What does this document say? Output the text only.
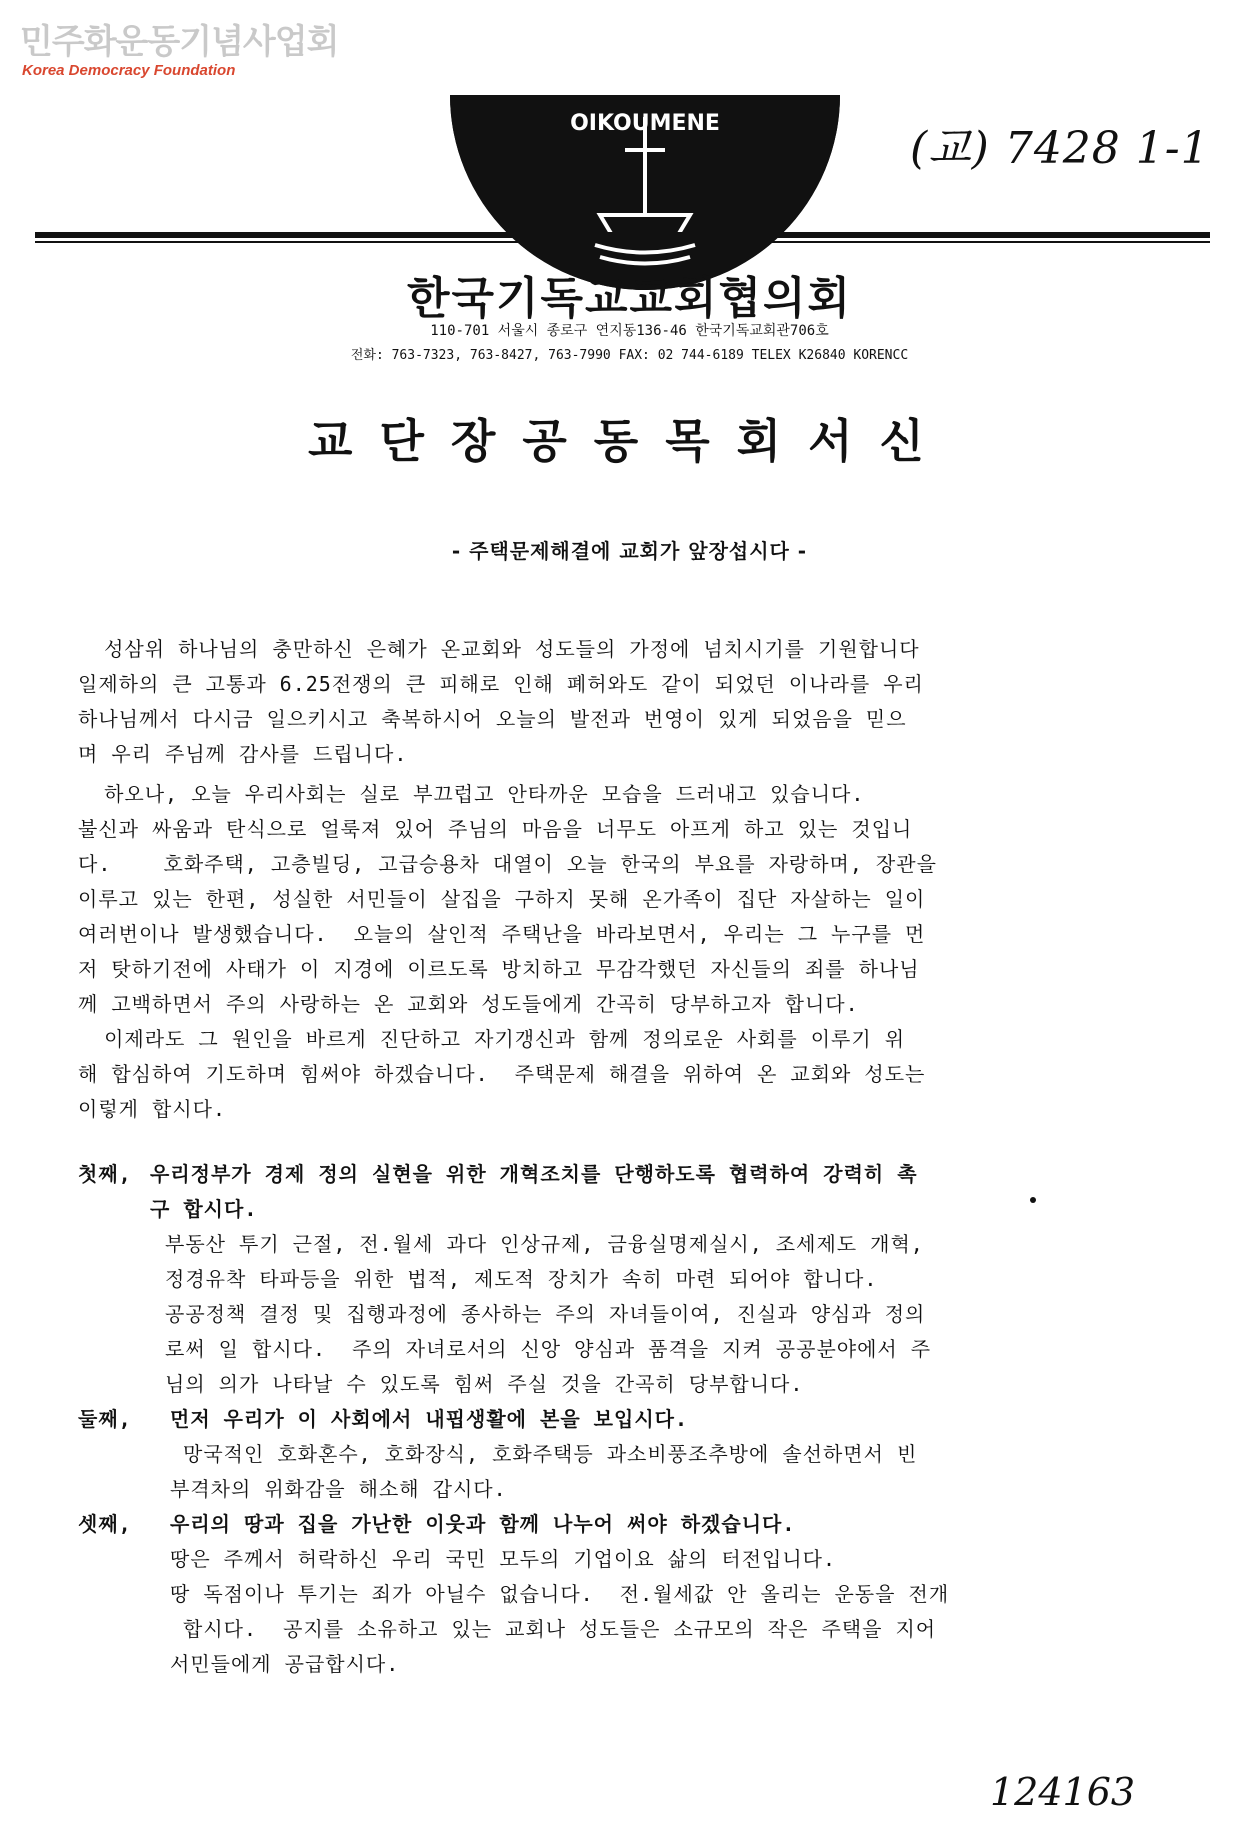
민주화운동기념사업회
Korea Democracy Foundation
OIKOUMENE	(교) 7428 1-1
한국기독교교회협의회
110-701 서울시 종로구 연지동136-46 한국기독교회관706호
전화: 763-7323, 763-8427, 763-7990 FAX: 02 744-6189 TELEX K26840 KORENCC
교단장공동목회서신
- 주택문제해결에 교회가 앞장섭시다 -
성삼위 하나님의 충만하신 은혜가 온교회와 성도들의 가정에 넘치시기를 기원합니다
일제하의 큰 고통과 6.25전쟁의 큰 피해로 인해 폐허와도 같이 되었던 이나라를 우리
하나님께서 다시금 일으키시고 축복하시어 오늘의 발전과 번영이 있게 되었음을 믿으
며 우리 주님께 감사를 드립니다.
하오나, 오늘 우리사회는 실로 부끄럽고 안타까운 모습을 드러내고 있습니다.
불신과 싸움과 탄식으로 얼룩져 있어 주님의 마음을 너무도 아프게 하고 있는 것입니
다.    호화주택, 고층빌딩, 고급승용차 대열이 오늘 한국의 부요를 자랑하며, 장관을
이루고 있는 한편, 성실한 서민들이 살집을 구하지 못해 온가족이 집단 자살하는 일이
여러번이나 발생했습니다.  오늘의 살인적 주택난을 바라보면서, 우리는 그 누구를 먼
저 탓하기전에 사태가 이 지경에 이르도록 방치하고 무감각했던 자신들의 죄를 하나님
께 고백하면서 주의 사랑하는 온 교회와 성도들에게 간곡히 당부하고자 합니다.
이제라도 그 원인을 바르게 진단하고 자기갱신과 함께 정의로운 사회를 이루기 위
해 합심하여 기도하며 힘써야 하겠습니다.  주택문제 해결을 위하여 온 교회와 성도는
이렇게 합시다.
첫째, 우리정부가 경제 정의 실현을 위한 개혁조치를 단행하도록 협력하여 강력히 촉
구 합시다.
부동산 투기 근절, 전.월세 과다 인상규제, 금융실명제실시, 조세제도 개혁,
정경유착 타파등을 위한 법적, 제도적 장치가 속히 마련 되어야 합니다.
공공정책 결정 및 집행과정에 종사하는 주의 자녀들이여, 진실과 양심과 정의
로써 일 합시다.  주의 자녀로서의 신앙 양심과 품격을 지켜 공공분야에서 주
님의 의가 나타날 수 있도록 힘써 주실 것을 간곡히 당부합니다.
둘째, 먼저 우리가 이 사회에서 내핍생활에 본을 보입시다.
망국적인 호화혼수, 호화장식, 호화주택등 과소비풍조추방에 솔선하면서 빈
부격차의 위화감을 해소해 갑시다.
셋째, 우리의 땅과 집을 가난한 이웃과 함께 나누어 써야 하겠습니다.
땅은 주께서 허락하신 우리 국민 모두의 기업이요 삶의 터전입니다.
땅 독점이나 투기는 죄가 아닐수 없습니다.  전.월세값 안 올리는 운동을 전개
합시다.  공지를 소유하고 있는 교회나 성도들은 소규모의 작은 주택을 지어
서민들에게 공급합시다.
124163
